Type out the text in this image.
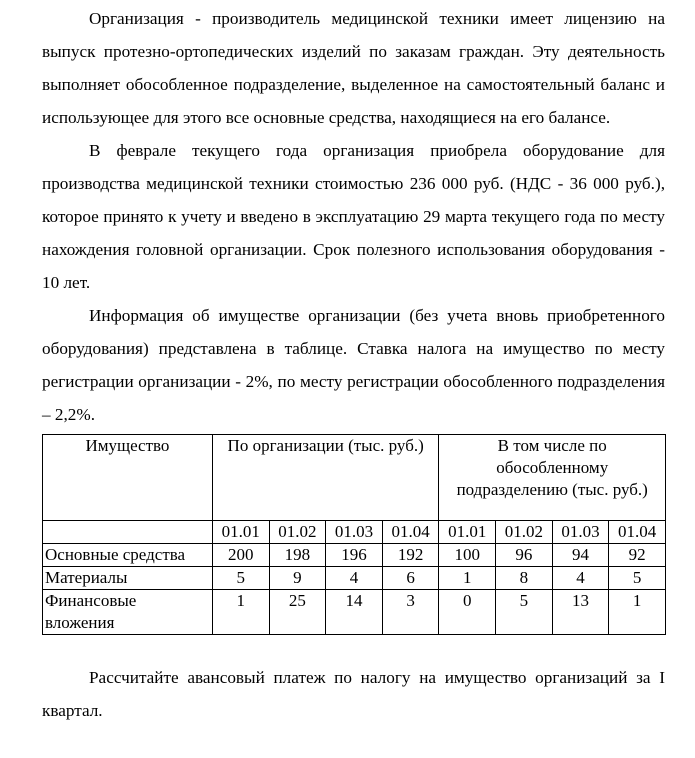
Организация - производитель медицинской техники имеет лицензию на выпуск протезно-ортопедических изделий по заказам граждан. Эту деятельность выполняет обособленное подразделение, выделенное на самостоятельный баланс и использующее для этого все основные средства, находящиеся на его балансе.

В феврале текущего года организация приобрела оборудование для производства медицинской техники стоимостью 236 000 руб. (НДС - 36 000 руб.), которое принято к учету и введено в эксплуатацию 29 марта текущего года по месту нахождения головной организации. Срок полезного использования оборудования - 10 лет.

Информация об имуществе организации (без учета вновь приобретенного оборудования) представлена в таблице. Ставка налога на имущество по месту регистрации организации - 2%, по месту регистрации обособленного подразделения – 2,2%.

Имущество	По организации (тыс. руб.)				В том числе по обособленному подразделению (тыс. руб.)			
	01.01	01.02	01.03	01.04	01.01	01.02	01.03	01.04
Основные средства	200	198	196	192	100	96	94	92
Материалы	5	9	4	6	1	8	4	5
Финансовые вложения	1	25	14	3	0	5	13	1

Рассчитайте авансовый платеж по налогу на имущество организаций за I квартал.
